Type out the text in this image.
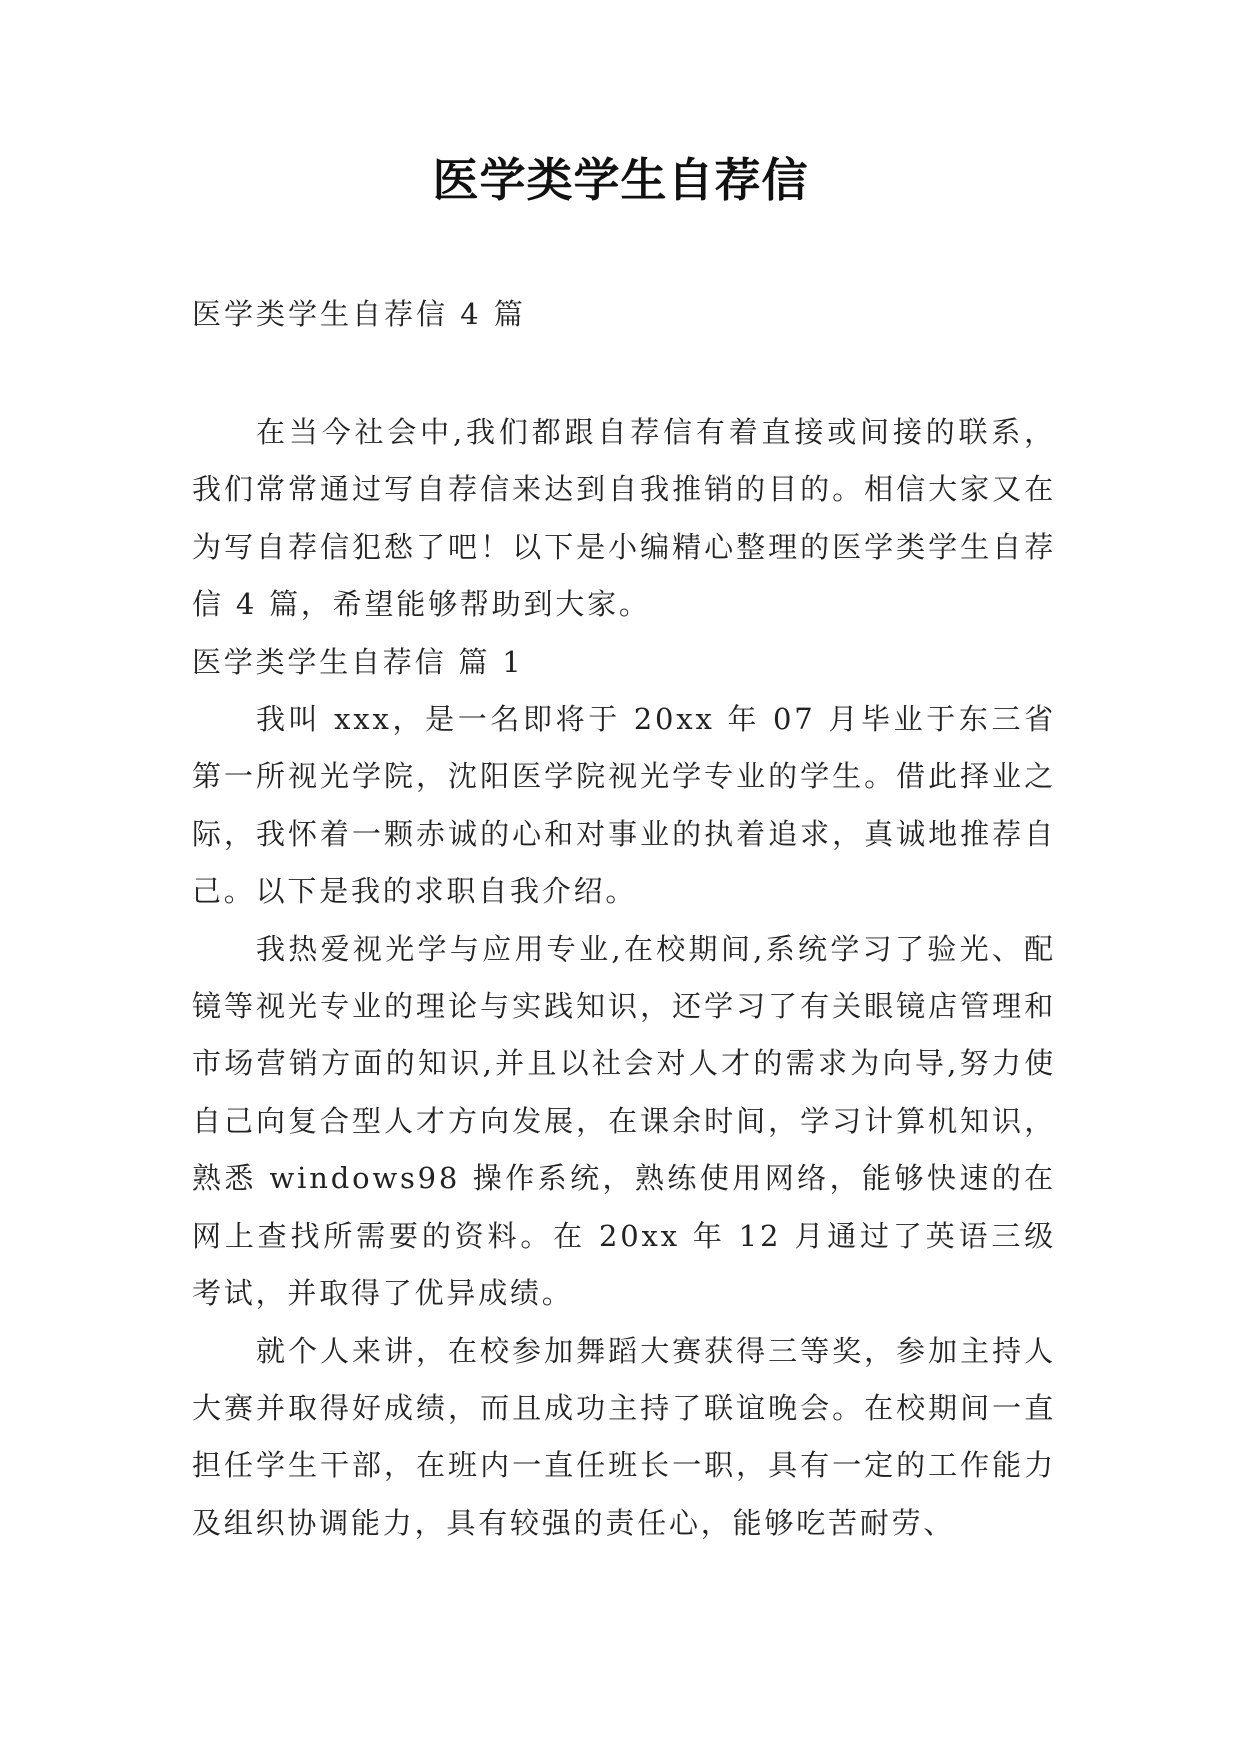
医学类学生自荐信
医学类学生自荐信 4 篇

在当今社会中,我们都跟自荐信有着直接或间接的联系，我们常常通过写自荐信来达到自我推销的目的。相信大家又在为写自荐信犯愁了吧！以下是小编精心整理的医学类学生自荐信 4 篇，希望能够帮助到大家。

医学类学生自荐信 篇 1

我叫 xxx，是一名即将于 20xx 年 07 月毕业于东三省第一所视光学院，沈阳医学院视光学专业的学生。借此择业之际，我怀着一颗赤诚的心和对事业的执着追求，真诚地推荐自己。以下是我的求职自我介绍。

我热爱视光学与应用专业,在校期间,系统学习了验光、配镜等视光专业的理论与实践知识，还学习了有关眼镜店管理和市场营销方面的知识,并且以社会对人才的需求为向导,努力使自己向复合型人才方向发展，在课余时间，学习计算机知识，熟悉 windows98 操作系统，熟练使用网络，能够快速的在网上查找所需要的资料。在 20xx 年 12 月通过了英语三级考试，并取得了优异成绩。

就个人来讲，在校参加舞蹈大赛获得三等奖，参加主持人大赛并取得好成绩，而且成功主持了联谊晚会。在校期间一直担任学生干部，在班内一直任班长一职，具有一定的工作能力及组织协调能力，具有较强的责任心，能够吃苦耐劳、
